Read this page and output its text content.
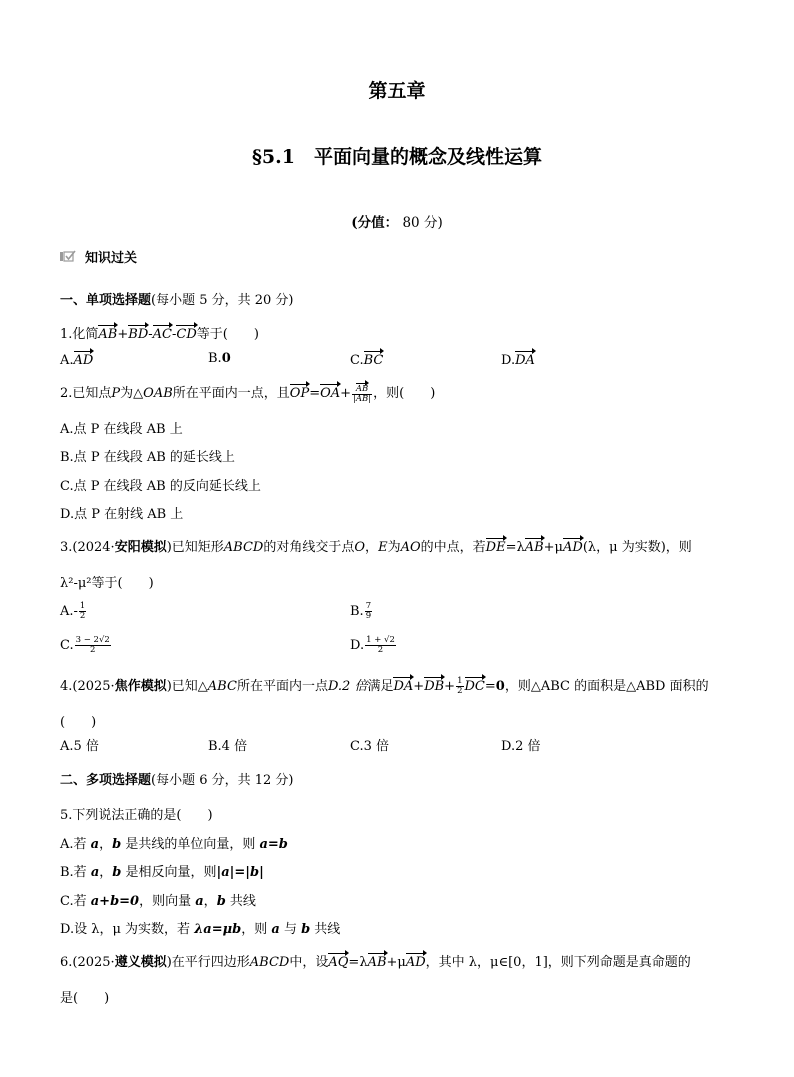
第五章
§5.1　平面向量的概念及线性运算
(分值： 80 分)
知识过关
一、单项选择题(每小题 5 分，共 20 分)
1.化简AB+BD-AC-CD等于(　　)
A.AD	B.0	C.BC	D.DA
2.已知点P为△OAB所在平面内一点，且$OP=OA+ \frac{AB}{|AB|}$ ，则(　　)
A.点 P 在线段 AB 上
B.点 P 在线段 AB 的延长线上
C.点 P 在线段 AB 的反向延长线上
D.点 P 在射线 AB 上
3.(2024·安阳模拟)已知矩形ABCD的对角线交于点O，E为AO的中点，若DE=λAB+μAD(λ，μ 为实数)，则
λ²-μ²等于(　　)
$A.- \frac{1}{2}$	B. $\frac{7}{9}$
C. $\frac{3 - 2√2}{2}$	D. $\frac{1 + √2}{2}$
4.(2025·焦作模拟)已知△ABC所在平面内一点D.2 倍满足$DA+DB+ \frac{1}{2} DC=0$，则△ABC 的面积是△ABD 面积的
(　　)
A.5 倍	B.4 倍	C.3 倍	D.2 倍
二、多项选择题(每小题 6 分，共 12 分)
5.下列说法正确的是(　　)
A.若 a，b 是共线的单位向量，则 a=b
B.若 a，b 是相反向量，则|a|=|b|
C.若 a+b=0，则向量 a，b 共线
D.设 λ，μ 为实数，若 λa=μb，则 a 与 b 共线
6.(2025·遵义模拟)在平行四边形ABCD中，设AQ=λAB+μAD，其中 λ，μ∈[0，1]，则下列命题是真命题的
是(　　)
